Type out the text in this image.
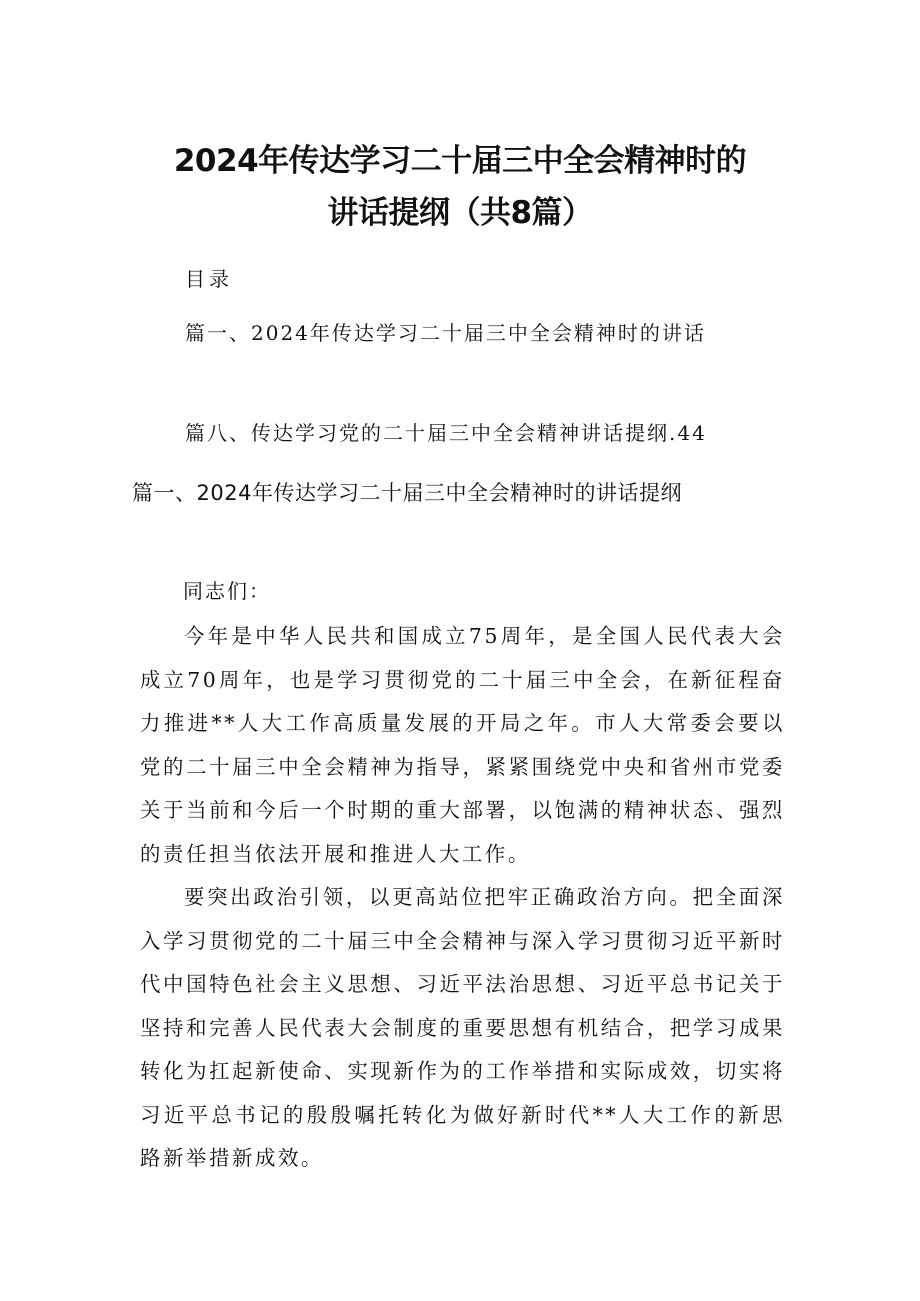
2024年传达学习二十届三中全会精神时的
讲话提纲（共8篇）
目录
篇一、2024年传达学习二十届三中全会精神时的讲话
篇八、传达学习党的二十届三中全会精神讲话提纲.44
篇一、2024年传达学习二十届三中全会精神时的讲话提纲
同志们：

今年是中华人民共和国成立75周年，是全国人民代表大会成立70周年，也是学习贯彻党的二十届三中全会，在新征程奋力推进**人大工作高质量发展的开局之年。市人大常委会要以党的二十届三中全会精神为指导，紧紧围绕党中央和省州市党委关于当前和今后一个时期的重大部署，以饱满的精神状态、强烈的责任担当依法开展和推进人大工作。

要突出政治引领，以更高站位把牢正确政治方向。把全面深入学习贯彻党的二十届三中全会精神与深入学习贯彻习近平新时代中国特色社会主义思想、习近平法治思想、习近平总书记关于坚持和完善人民代表大会制度的重要思想有机结合，把学习成果转化为扛起新使命、实现新作为的工作举措和实际成效，切实将习近平总书记的殷殷嘱托转化为做好新时代**人大工作的新思路新举措新成效。
